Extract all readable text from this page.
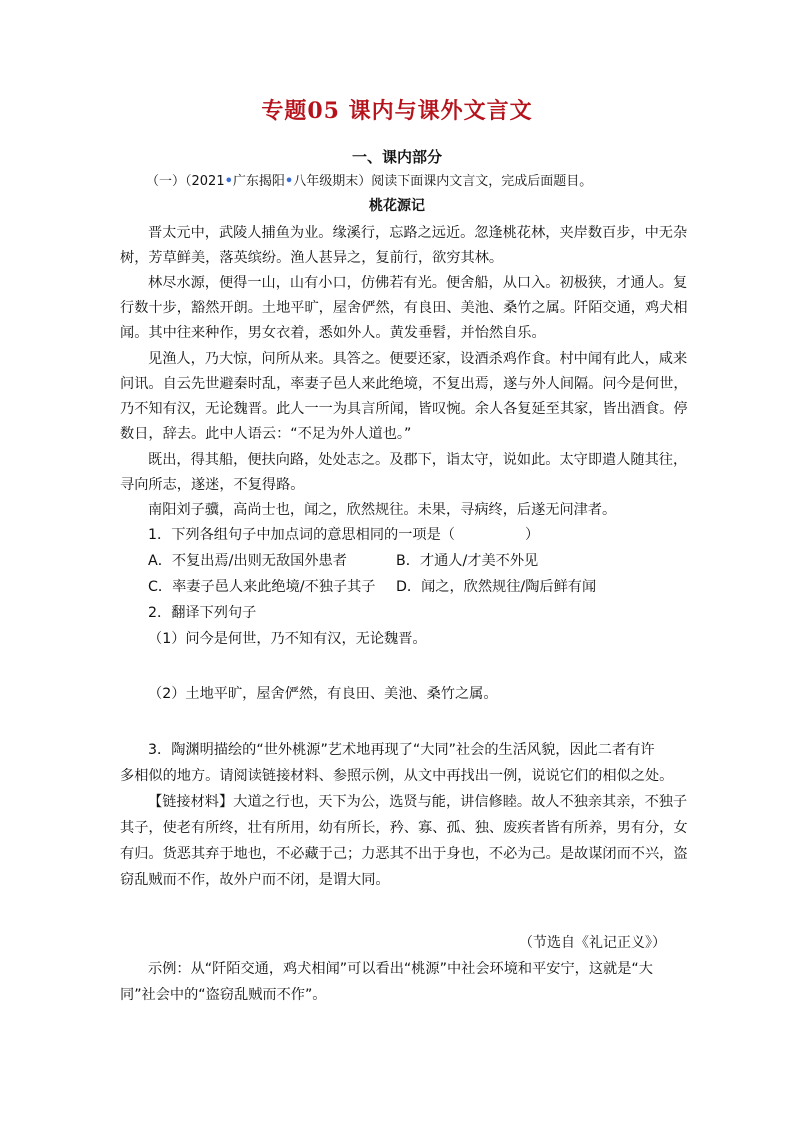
专题05 课内与课外文言文
一、课内部分
（一）（2021•广东揭阳•八年级期末）阅读下面课内文言文，完成后面题目。
桃花源记
晋太元中，武陵人捕鱼为业。缘溪行，忘路之远近。忽逢桃花林，夹岸数百步，中无杂
树，芳草鲜美，落英缤纷。渔人甚异之，复前行，欲穷其林。
林尽水源，便得一山，山有小口，仿佛若有光。便舍船，从口入。初极狭，才通人。复
行数十步，豁然开朗。土地平旷，屋舍俨然，有良田、美池、桑竹之属。阡陌交通，鸡犬相
闻。其中往来种作，男女衣着，悉如外人。黄发垂髫，并怡然自乐。
见渔人，乃大惊，问所从来。具答之。便要还家，设酒杀鸡作食。村中闻有此人，咸来
问讯。自云先世避秦时乱，率妻子邑人来此绝境，不复出焉，遂与外人间隔。问今是何世，
乃不知有汉，无论魏晋。此人一一为具言所闻，皆叹惋。余人各复延至其家，皆出酒食。停
数日，辞去。此中人语云：“不足为外人道也。”
既出，得其船，便扶向路，处处志之。及郡下，诣太守，说如此。太守即遣人随其往，
寻向所志，遂迷，不复得路。
南阳刘子骥，高尚士也，闻之，欣然规往。未果，寻病终，后遂无问津者。
1．下列各组句子中加点词的意思相同的一项是（	）
A．不复出焉/出则无敌国外患者	B．才通人/才美不外见
C．率妻子邑人来此绝境/不独子其子 D．闻之，欣然规往/陶后鲜有闻
2．翻译下列句子
（1）问今是何世，乃不知有汉，无论魏晋。
（2）土地平旷，屋舍俨然，有良田、美池、桑竹之属。
3．陶渊明描绘的“世外桃源”艺术地再现了“大同”社会的生活风貌，因此二者有许
多相似的地方。请阅读链接材料、参照示例，从文中再找出一例，说说它们的相似之处。
【链接材料】大道之行也，天下为公，选贤与能，讲信修睦。故人不独亲其亲，不独子
其子，使老有所终，壮有所用，幼有所长，矜、寡、孤、独、废疾者皆有所养，男有分，女
有归。货恶其弃于地也，不必藏于己；力恶其不出于身也，不必为己。是故谋闭而不兴，盗
窃乱贼而不作，故外户而不闭，是谓大同。
（节选自《礼记正义》）
示例：从“阡陌交通，鸡犬相闻”可以看出“桃源”中社会环境和平安宁，这就是“大
同”社会中的“盗窃乱贼而不作”。
